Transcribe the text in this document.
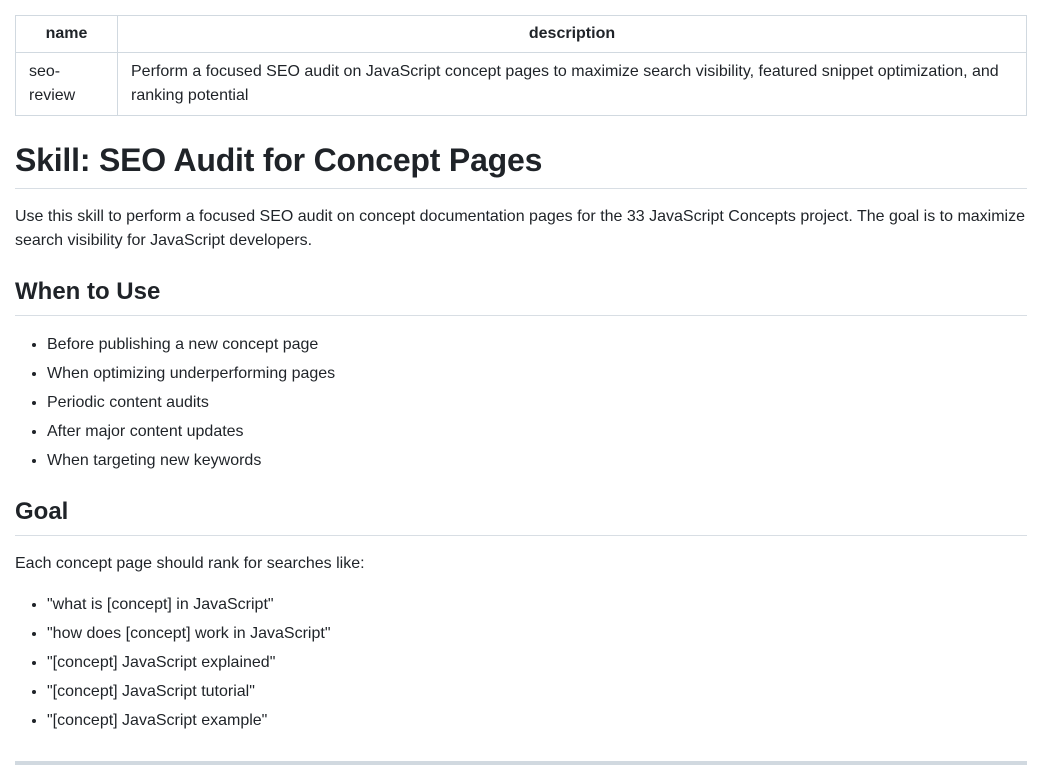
name	description
seo-review	Perform a focused SEO audit on JavaScript concept pages to maximize search visibility, featured snippet optimization, and ranking potential
Skill: SEO Audit for Concept Pages

Use this skill to perform a focused SEO audit on concept documentation pages for the 33 JavaScript Concepts project. The goal is to maximize search visibility for JavaScript developers.

When to Use
• Before publishing a new concept page
• When optimizing underperforming pages
• Periodic content audits
• After major content updates
• When targeting new keywords
Goal

Each concept page should rank for searches like:

• "what is [concept] in JavaScript"
• "how does [concept] work in JavaScript"
• "[concept] JavaScript explained"
• "[concept] JavaScript tutorial"
• "[concept] JavaScript example"
